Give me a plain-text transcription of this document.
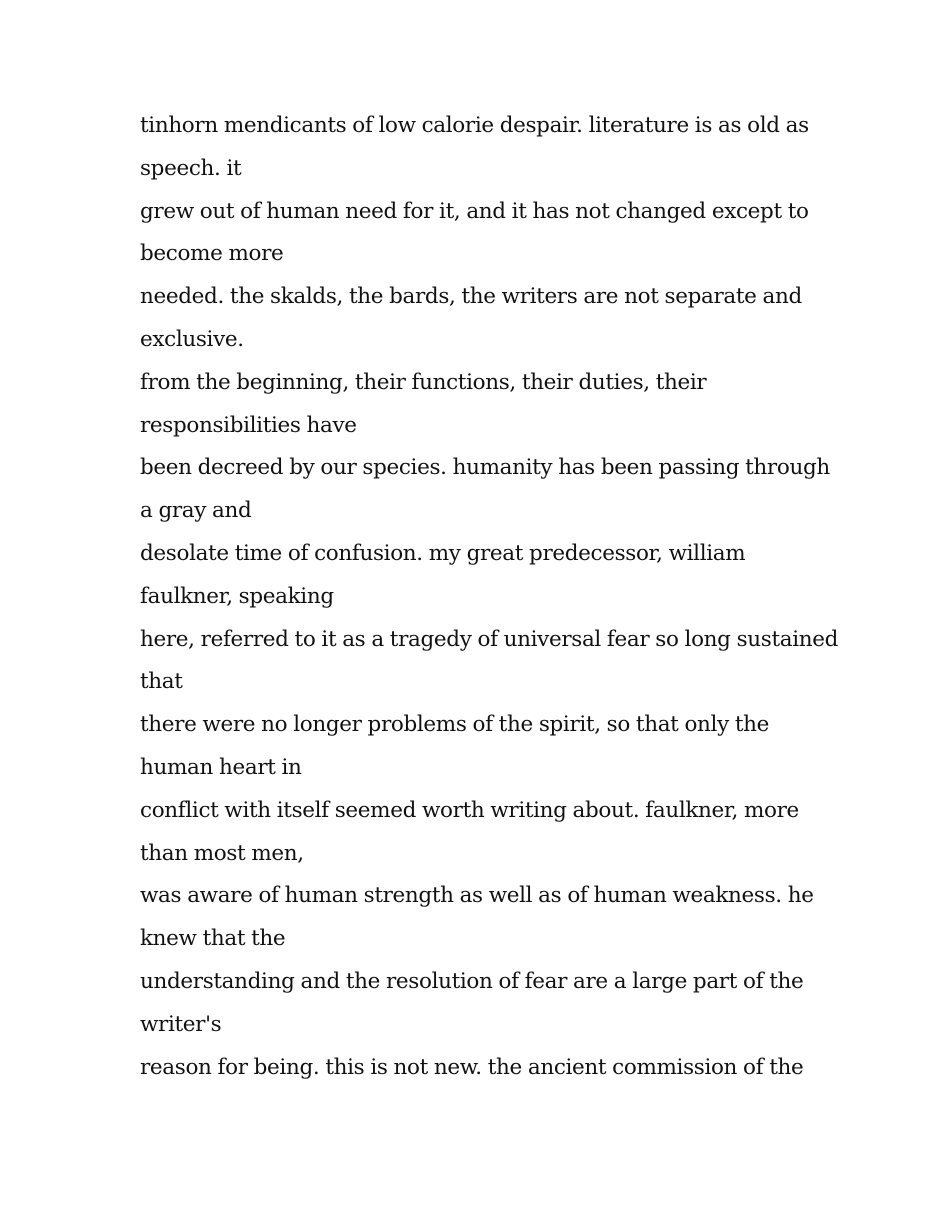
tinhorn mendicants of low calorie despair. literature is as old as
speech. it
grew out of human need for it, and it has not changed except to
become more
needed. the skalds, the bards, the writers are not separate and
exclusive.
from the beginning, their functions, their duties, their
responsibilities have
been decreed by our species. humanity has been passing through
a gray and
desolate time of confusion. my great predecessor, william
faulkner, speaking
here, referred to it as a tragedy of universal fear so long sustained
that
there were no longer problems of the spirit, so that only the
human heart in
conflict with itself seemed worth writing about. faulkner, more
than most men,
was aware of human strength as well as of human weakness. he
knew that the
understanding and the resolution of fear are a large part of the
writer's
reason for being. this is not new. the ancient commission of the
